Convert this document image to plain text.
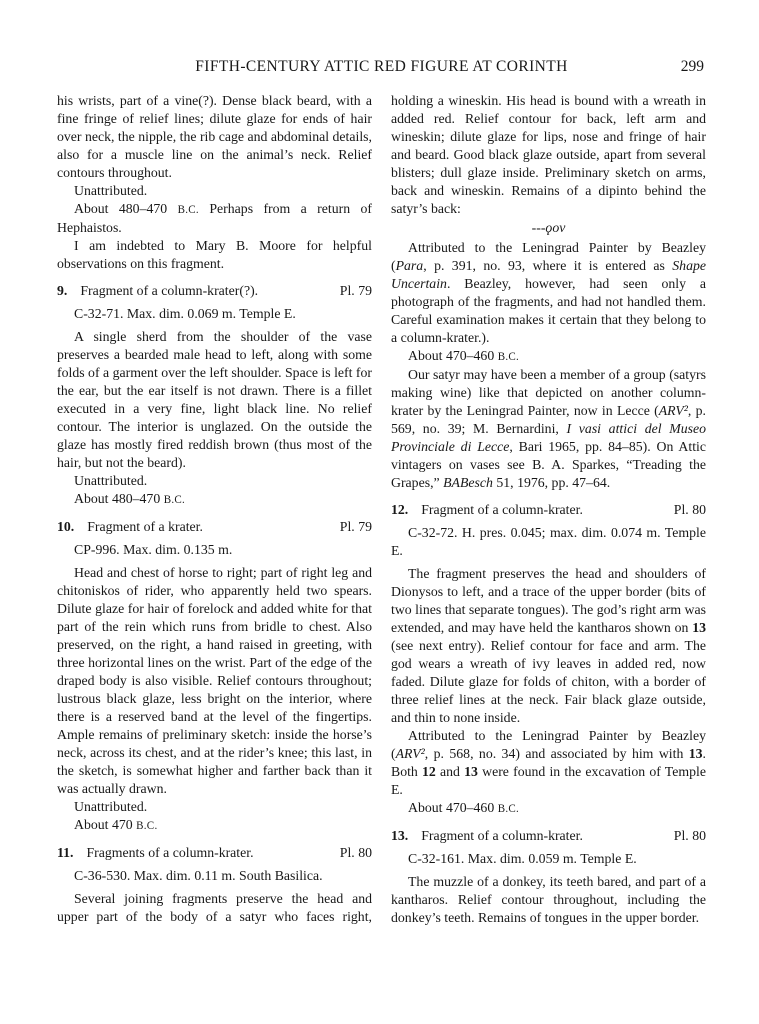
FIFTH-CENTURY ATTIC RED FIGURE AT CORINTH	299

his wrists, part of a vine(?). Dense black beard, with a fine fringe of relief lines; dilute glaze for ends of hair over neck, the nipple, the rib cage and abdominal details, also for a muscle line on the animal’s neck. Relief contours throughout.

Unattributed.

About 480–470 B.C. Perhaps from a return of Hephaistos.

I am indebted to Mary B. Moore for helpful observations on this fragment.

9. Fragment of a column-krater(?).	Pl. 79

C-32-71. Max. dim. 0.069 m. Temple E.

A single sherd from the shoulder of the vase preserves a bearded male head to left, along with some folds of a garment over the left shoulder. Space is left for the ear, but the ear itself is not drawn. There is a fillet executed in a very fine, light black line. No relief contour. The interior is unglazed. On the outside the glaze has mostly fired reddish brown (thus most of the hair, but not the beard).

Unattributed.

About 480–470 B.C.

10. Fragment of a krater.	Pl. 79

CP-996. Max. dim. 0.135 m.

Head and chest of horse to right; part of right leg and chitoniskos of rider, who apparently held two spears. Dilute glaze for hair of forelock and added white for that part of the rein which runs from bridle to chest. Also preserved, on the right, a hand raised in greeting, with three horizontal lines on the wrist. Part of the edge of the draped body is also visible. Relief contours throughout; lustrous black glaze, less bright on the interior, where there is a reserved band at the level of the fingertips. Ample remains of preliminary sketch: inside the horse’s neck, across its chest, and at the rider’s knee; this last, in the sketch, is somewhat higher and farther back than it was actually drawn.

Unattributed.

About 470 B.C.

11. Fragments of a column-krater.	Pl. 80

C-36-530. Max. dim. 0.11 m. South Basilica.

Several joining fragments preserve the head and upper part of the body of a satyr who faces right,

holding a wineskin. His head is bound with a wreath in added red. Relief contour for back, left arm and wineskin; dilute glaze for lips, nose and fringe of hair and beard. Good black glaze outside, apart from several blisters; dull glaze inside. Preliminary sketch on arms, back and wineskin. Remains of a dipinto behind the satyr’s back:

---ϙον

Attributed to the Leningrad Painter by Beazley (Para, p. 391, no. 93, where it is entered as Shape Uncertain. Beazley, however, had seen only a photograph of the fragments, and had not handled them. Careful examination makes it certain that they belong to a column-krater.).

About 470–460 B.C.

Our satyr may have been a member of a group (satyrs making wine) like that depicted on another column-krater by the Leningrad Painter, now in Lecce (ARV², p. 569, no. 39; M. Bernardini, I vasi attici del Museo Provinciale di Lecce, Bari 1965, pp. 84–85). On Attic vintagers on vases see B. A. Sparkes, “Treading the Grapes,” BABesch 51, 1976, pp. 47–64.

12. Fragment of a column-krater.	Pl. 80

C-32-72. H. pres. 0.045; max. dim. 0.074 m. Temple E.

The fragment preserves the head and shoulders of Dionysos to left, and a trace of the upper border (bits of two lines that separate tongues). The god’s right arm was extended, and may have held the kantharos shown on 13 (see next entry). Relief contour for face and arm. The god wears a wreath of ivy leaves in added red, now faded. Dilute glaze for folds of chiton, with a border of three relief lines at the neck. Fair black glaze outside, and thin to none inside.

Attributed to the Leningrad Painter by Beazley (ARV², p. 568, no. 34) and associated by him with 13. Both 12 and 13 were found in the excavation of Temple E.

About 470–460 B.C.

13. Fragment of a column-krater.	Pl. 80

C-32-161. Max. dim. 0.059 m. Temple E.

The muzzle of a donkey, its teeth bared, and part of a kantharos. Relief contour throughout, including the donkey’s teeth. Remains of tongues in the upper border.
